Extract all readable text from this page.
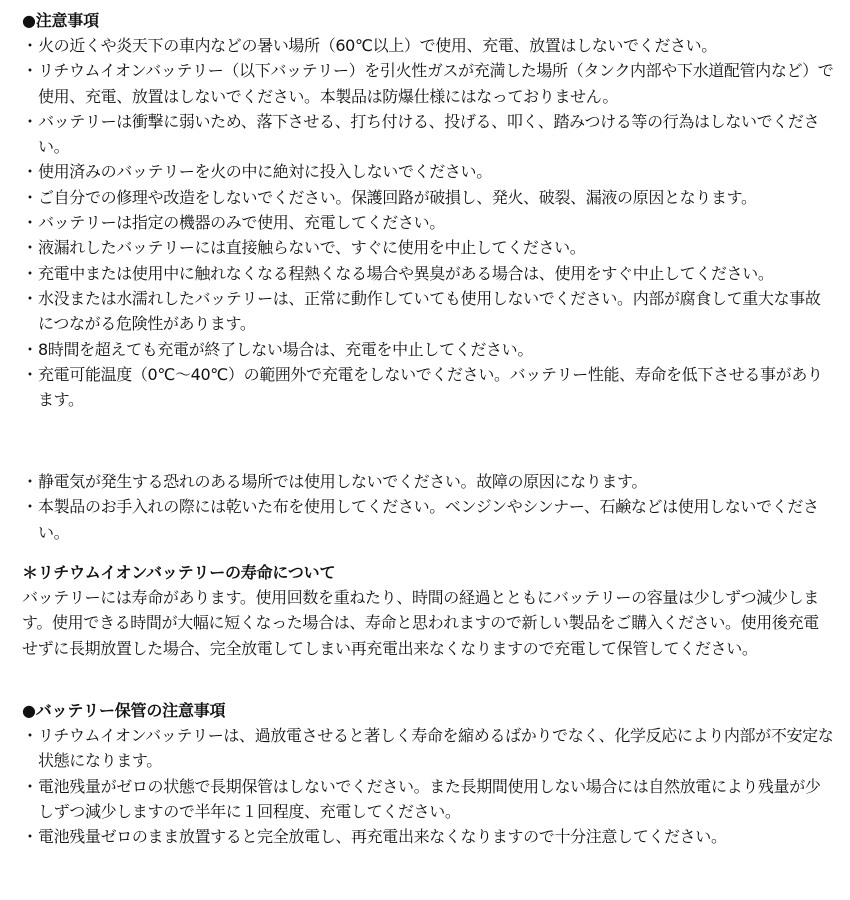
●注意事項
・ 火の近くや炎天下の車内などの暑い場所（60℃以上）で使用、充電、放置はしないでください。
・ リチウムイオンバッテリー（以下バッテリー）を引火性ガスが充満した場所（タンク内部や下水道配管内など）で使用、充電、放置はしないでください。本製品は防爆仕様にはなっておりません。
・ バッテリーは衝撃に弱いため、落下させる、打ち付ける、投げる、叩く、踏みつける等の行為はしないでください。
・ 使用済みのバッテリーを火の中に絶対に投入しないでください。
・ ご自分での修理や改造をしないでください。保護回路が破損し、発火、破裂、漏液の原因となります。
・ バッテリーは指定の機器のみで使用、充電してください。
・ 液漏れしたバッテリーには直接触らないで、すぐに使用を中止してください。
・ 充電中または使用中に触れなくなる程熱くなる場合や異臭がある場合は、使用をすぐ中止してください。
・ 水没または水濡れしたバッテリーは、正常に動作していても使用しないでください。内部が腐食して重大な事故につながる危険性があります。
・ 8時間を超えても充電が終了しない場合は、充電を中止してください。
・ 充電可能温度（0℃〜40℃）の範囲外で充電をしないでください。バッテリー性能、寿命を低下させる事があります。
・ 静電気が発生する恐れのある場所では使用しないでください。故障の原因になります。
・ 本製品のお手入れの際には乾いた布を使用してください。ベンジンやシンナー、石鹸などは使用しないでください。
＊リチウムイオンバッテリーの寿命について
バッテリーには寿命があります。使用回数を重ねたり、時間の経過とともにバッテリーの容量は少しずつ減少します。使用できる時間が大幅に短くなった場合は、寿命と思われますので新しい製品をご購入ください。使用後充電せずに長期放置した場合、完全放電してしまい再充電出来なくなりますので充電して保管してください。
●バッテリー保管の注意事項
・ リチウムイオンバッテリーは、過放電させると著しく寿命を縮めるばかりでなく、化学反応により内部が不安定な状態になります。
・ 電池残量がゼロの状態で長期保管はしないでください。また長期間使用しない場合には自然放電により残量が少しずつ減少しますので半年に１回程度、充電してください。
・ 電池残量ゼロのまま放置すると完全放電し、再充電出来なくなりますので十分注意してください。
